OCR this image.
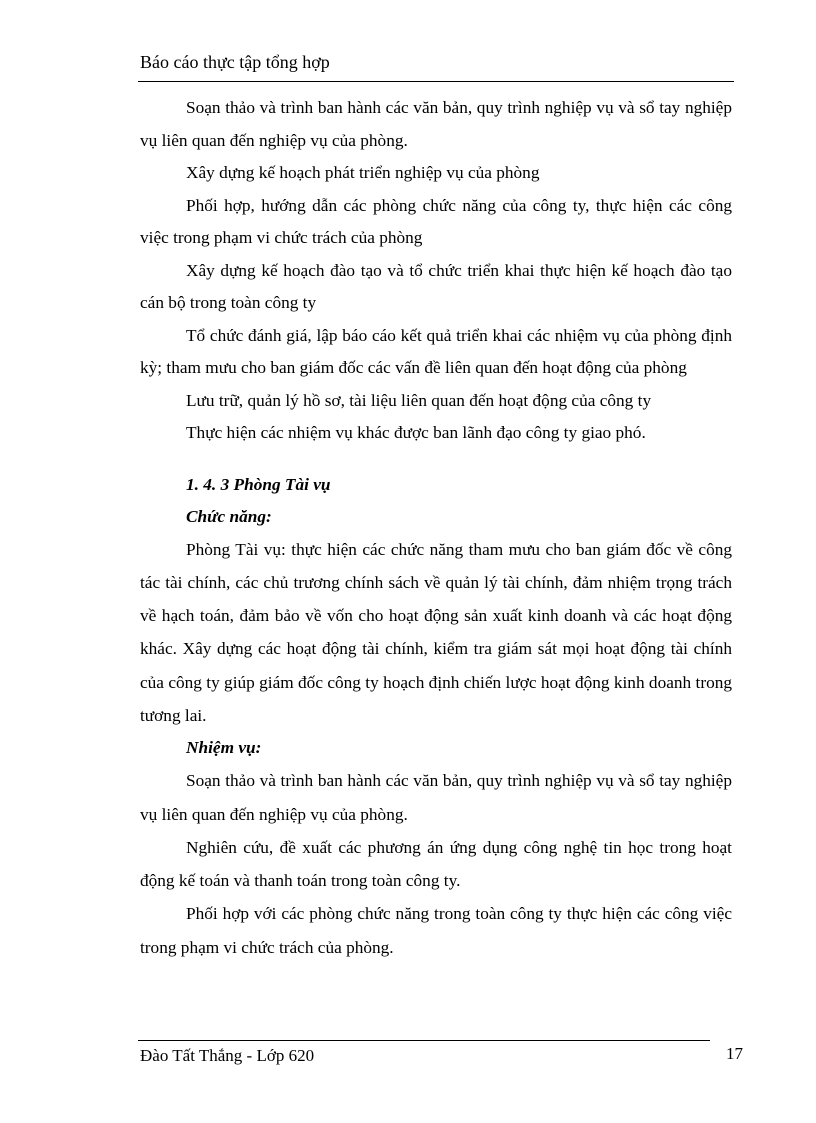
Báo cáo thực tập tổng hợp

Soạn thảo và trình ban hành các văn bản, quy trình nghiệp vụ và sổ tay nghiệp vụ liên quan đến nghiệp vụ của phòng.

Xây dựng kế hoạch phát triển nghiệp vụ của phòng

Phối hợp, hướng dẫn các phòng chức năng của công ty, thực hiện các công việc trong phạm vi chức trách của phòng

Xây dựng kế hoạch đào tạo và tổ chức triển khai thực hiện kế hoạch đào tạo cán bộ trong toàn công ty

Tổ chức đánh giá, lập báo cáo kết quả triển khai các nhiệm vụ của phòng định kỳ; tham mưu cho ban giám đốc các vấn đề liên quan đến hoạt động của phòng

Lưu trữ, quản lý hồ sơ, tài liệu liên quan đến hoạt động của công ty

Thực hiện các nhiệm vụ khác được ban lãnh đạo công ty giao phó.

1. 4. 3 Phòng Tài vụ

Chức năng:

Phòng Tài vụ: thực hiện các chức năng tham mưu cho ban giám đốc về công tác tài chính, các chủ trương chính sách về quản lý tài chính, đảm nhiệm trọng trách về hạch toán, đảm bảo về vốn cho hoạt động sản xuất kinh doanh và các hoạt động khác. Xây dựng các hoạt động tài chính, kiểm tra giám sát mọi hoạt động tài chính của công ty giúp giám đốc công ty hoạch định chiến lược hoạt động kinh doanh trong tương lai.

Nhiệm vụ:

Soạn thảo và trình ban hành các văn bản, quy trình nghiệp vụ và sổ tay nghiệp vụ liên quan đến nghiệp vụ của phòng.

Nghiên cứu, đề xuất các phương án ứng dụng công nghệ tin học trong hoạt động kế toán và thanh toán trong toàn công ty.

Phối hợp với các phòng chức năng trong toàn công ty thực hiện các công việc trong phạm vi chức trách của phòng.

Đào Tất Thắng - Lớp 620	17
